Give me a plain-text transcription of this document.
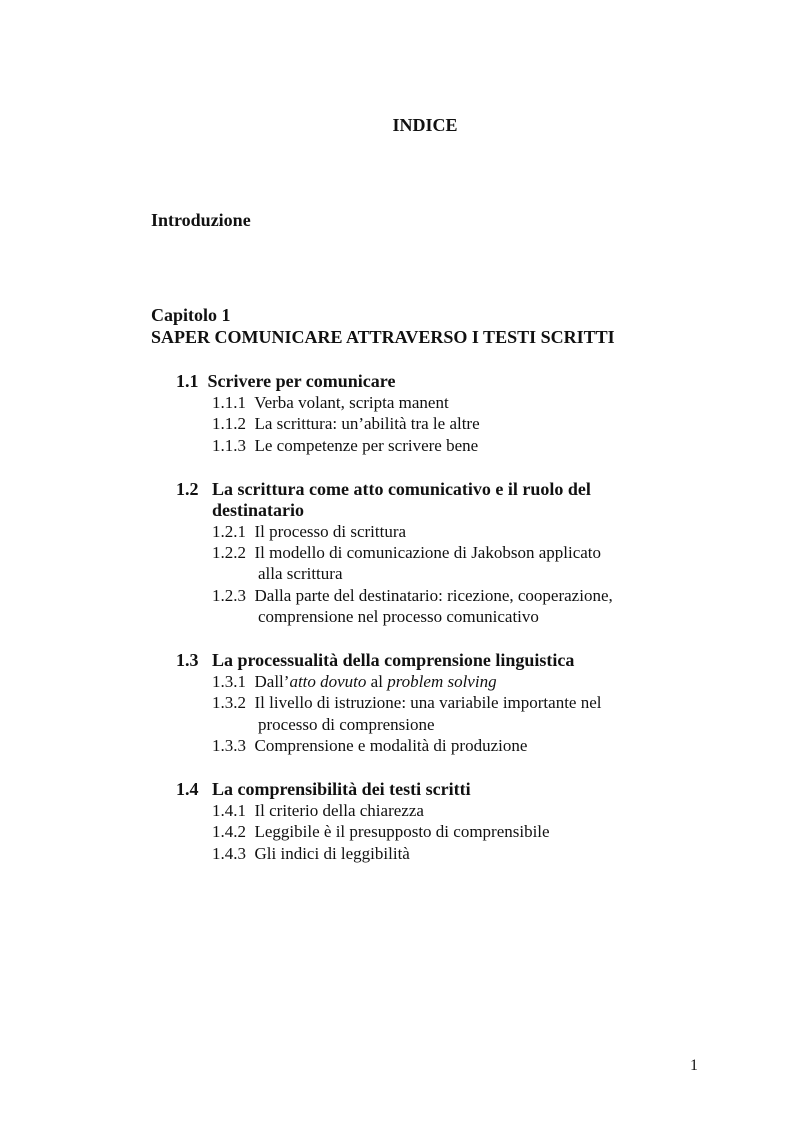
INDICE
Introduzione
Capitolo 1
SAPER COMUNICARE ATTRAVERSO I TESTI SCRITTI
1.1 Scrivere per comunicare
1.1.1 Verba volant, scripta manent
1.1.2 La scrittura: un’abilità tra le altre
1.1.3 Le competenze per scrivere bene
1.2 La scrittura come atto comunicativo e il ruolo del
destinatario
1.2.1 Il processo di scrittura
1.2.2 Il modello di comunicazione di Jakobson applicato
alla scrittura
1.2.3 Dalla parte del destinatario: ricezione, cooperazione,
comprensione nel processo comunicativo
1.3 La processualità della comprensione linguistica
1.3.1 Dall’atto dovuto al problem solving
1.3.2 Il livello di istruzione: una variabile importante nel
processo di comprensione
1.3.3 Comprensione e modalità di produzione
1.4 La comprensibilità dei testi scritti
1.4.1 Il criterio della chiarezza
1.4.2 Leggibile è il presupposto di comprensibile
1.4.3 Gli indici di leggibilità
1
